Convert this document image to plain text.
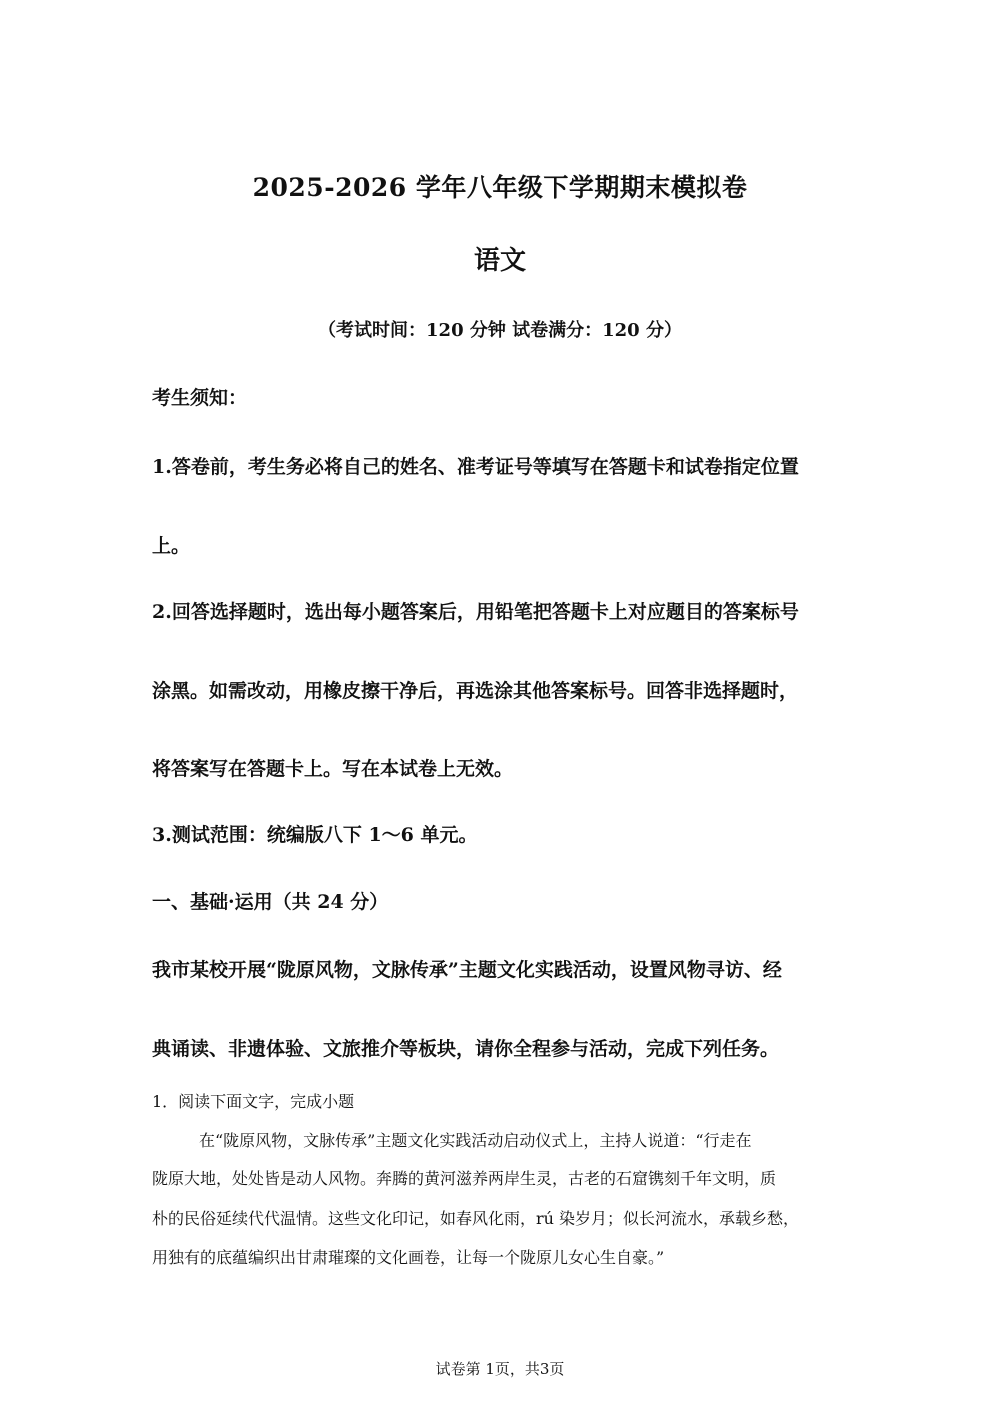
2025-2026 学年八年级下学期期末模拟卷
语文
（考试时间：120 分钟 试卷满分：120 分）
考生须知：
1.答卷前，考生务必将自己的姓名、准考证号等填写在答题卡和试卷指定位置
上。
2.回答选择题时，选出每小题答案后，用铅笔把答题卡上对应题目的答案标号
涂黑。如需改动，用橡皮擦干净后，再选涂其他答案标号。回答非选择题时，
将答案写在答题卡上。写在本试卷上无效。
3.测试范围：统编版八下 1～6 单元。
一、基础·运用（共 24 分）
我市某校开展“陇原风物，文脉传承”主题文化实践活动，设置风物寻访、经
典诵读、非遗体验、文旅推介等板块，请你全程参与活动，完成下列任务。
1．阅读下面文字，完成小题
在“陇原风物，文脉传承”主题文化实践活动启动仪式上，主持人说道：“行走在
陇原大地，处处皆是动人风物。奔腾的黄河滋养两岸生灵，古老的石窟镌刻千年文明，质
朴的民俗延续代代温情。这些文化印记，如春风化雨，rú 染岁月；似长河流水，承载乡愁，
用独有的底蕴编织出甘肃璀璨的文化画卷，让每一个陇原儿女心生自豪。”
试卷第 1页，共3页
